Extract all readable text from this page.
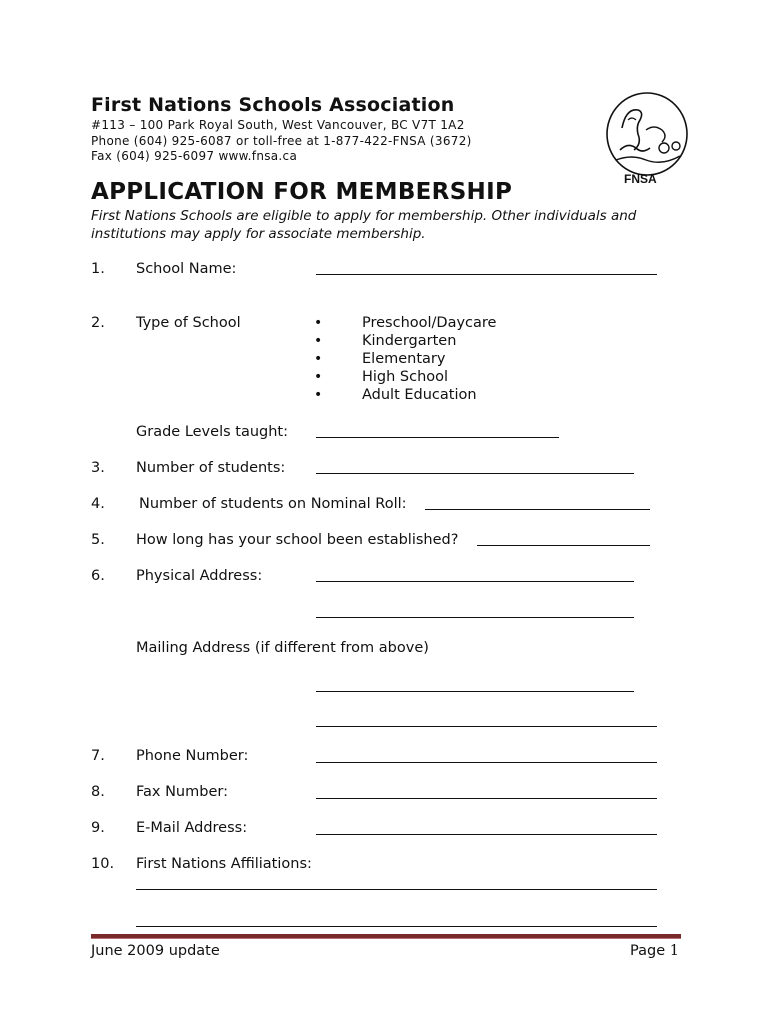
First Nations Schools Association
#113 – 100 Park Royal South, West Vancouver, BC V7T 1A2
Phone (604) 925-6087 or toll-free at 1-877-422-FNSA (3672)
Fax (604) 925-6097 www.fnsa.ca
FNSA
APPLICATION FOR MEMBERSHIP
First Nations Schools are eligible to apply for membership. Other individuals and
institutions may apply for associate membership.
1. School Name:
2. Type of School	•	Preschool/Daycare
•	Kindergarten
•	Elementary
•	High School
•	Adult Education
Grade Levels taught:
3. Number of students:
4. Number of students on Nominal Roll:
5. How long has your school been established?
6. Physical Address:
Mailing Address (if different from above)
7. Phone Number:
8. Fax Number:
9. E-Mail Address:
10. First Nations Affiliations:
June 2009 update	Page 1
